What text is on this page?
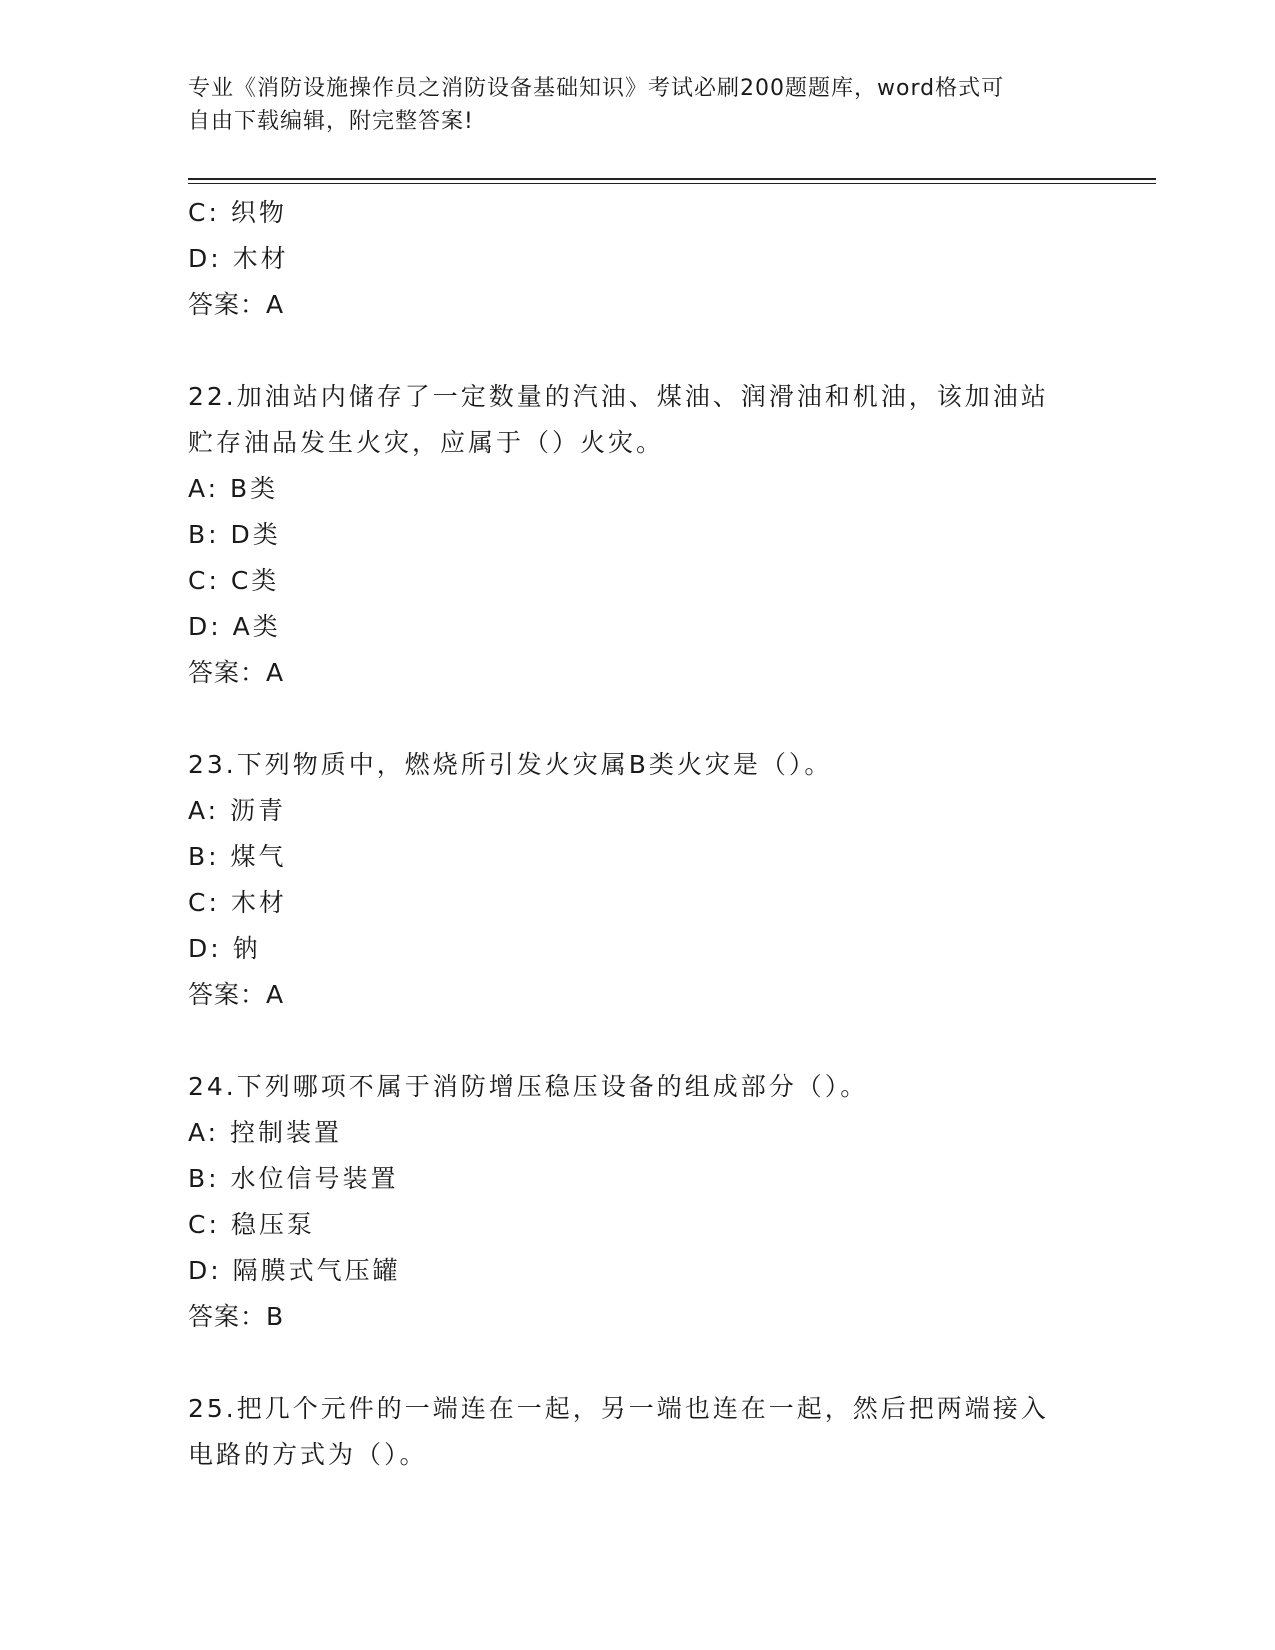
专业《消防设施操作员之消防设备基础知识》考试必刷200题题库，word格式可
自由下载编辑，附完整答案!
C: 织物
D: 木材
答案：A
22.加油站内储存了一定数量的汽油、煤油、润滑油和机油，该加油站
贮存油品发生火灾，应属于（）火灾。
A: B类
B: D类
C: C类
D: A类
答案：A
23.下列物质中，燃烧所引发火灾属B类火灾是（）。
A: 沥青
B: 煤气
C: 木材
D: 钠
答案：A
24.下列哪项不属于消防增压稳压设备的组成部分（）。
A: 控制装置
B: 水位信号装置
C: 稳压泵
D: 隔膜式气压罐
答案：B
25.把几个元件的一端连在一起，另一端也连在一起，然后把两端接入
电路的方式为（）。
